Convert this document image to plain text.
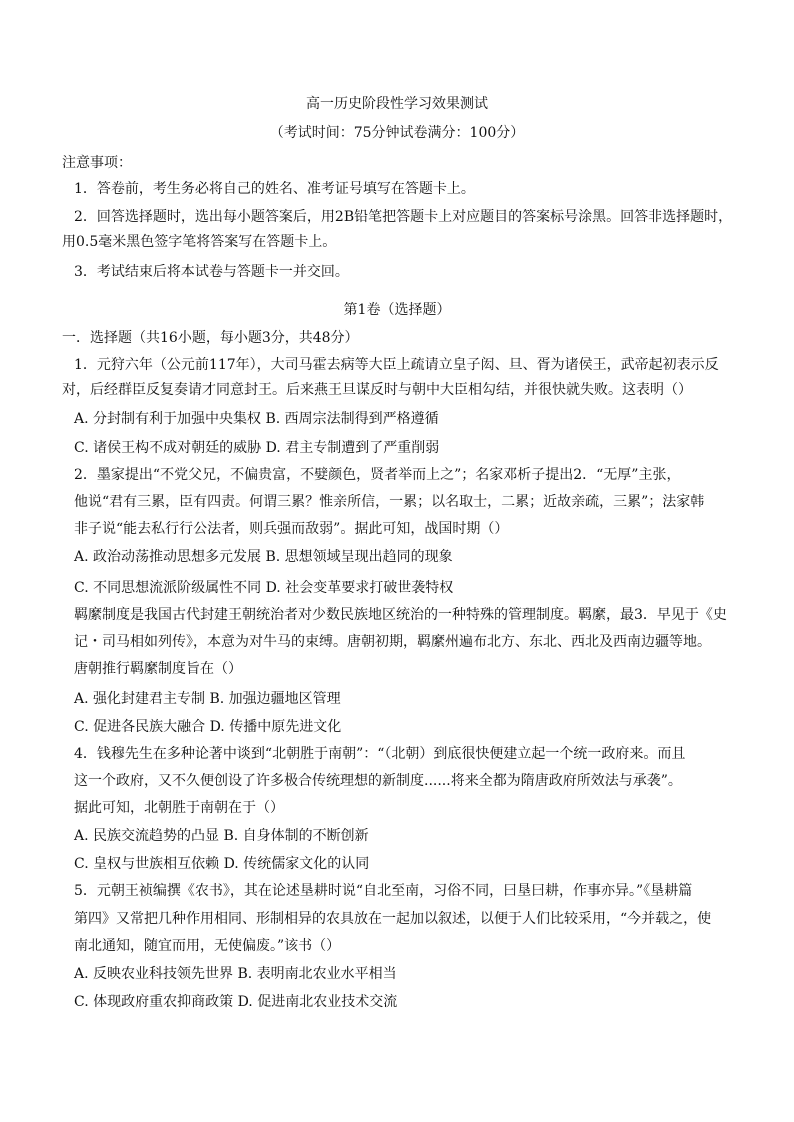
高一历史阶段性学习效果测试
（考试时间：75分钟试卷满分：100分）
注意事项：
1．答卷前，考生务必将自己的姓名、准考证号填写在答题卡上。
2．回答选择题时，选出每小题答案后，用2B铅笔把答题卡上对应题目的答案标号涂黑。回答非选择题时，
用0.5毫米黑色签字笔将答案写在答题卡上。
3．考试结束后将本试卷与答题卡一并交回。
第1卷（选择题）
一．选择题（共16小题，每小题3分，共48分）
1．元狩六年（公元前117年），大司马霍去病等大臣上疏请立皇子闳、旦、胥为诸侯王，武帝起初表示反
对，后经群臣反复奏请才同意封王。后来燕王旦谋反时与朝中大臣相勾结，并很快就失败。这表明（）
A. 分封制有利于加强中央集权 B. 西周宗法制得到严格遵循
C. 诸侯王构不成对朝廷的威胁 D. 君主专制遭到了严重削弱
2．墨家提出“不党父兄，不偏贵富，不嬖颜色，贤者举而上之”；名家邓析子提出2．“无厚”主张，
他说“君有三累，臣有四责。何谓三累？惟亲所信，一累；以名取士，二累；近故亲疏，三累”；法家韩
非子说“能去私行行公法者，则兵强而敌弱”。据此可知，战国时期（）
A. 政治动荡推动思想多元发展 B. 思想领域呈现出趋同的现象
C. 不同思想流派阶级属性不同 D. 社会变革要求打破世袭特权
羁縻制度是我国古代封建王朝统治者对少数民族地区统治的一种特殊的管理制度。羁縻，最3．早见于《史
记・司马相如列传》，本意为对牛马的束缚。唐朝初期，羁縻州遍布北方、东北、西北及西南边疆等地。
唐朝推行羁縻制度旨在（）
A. 强化封建君主专制 B. 加强边疆地区管理
C. 促进各民族大融合 D. 传播中原先进文化
4．钱穆先生在多种论著中谈到“北朝胜于南朝”：“（北朝）到底很快便建立起一个统一政府来。而且
这一个政府，又不久便创设了许多极合传统理想的新制度......将来全都为隋唐政府所效法与承袭”。
据此可知，北朝胜于南朝在于（）
A. 民族交流趋势的凸显 B. 自身体制的不断创新
C. 皇权与世族相互依赖 D. 传统儒家文化的认同
5．元朝王祯编撰《农书》，其在论述垦耕时说“自北至南，习俗不同，曰垦曰耕，作事亦异。”《垦耕篇
第四》又常把几种作用相同、形制相异的农具放在一起加以叙述，以便于人们比较采用，“今并载之，使
南北通知，随宜而用，无使偏废。”该书（）
A. 反映农业科技领先世界 B. 表明南北农业水平相当
C. 体现政府重农抑商政策 D. 促进南北农业技术交流
